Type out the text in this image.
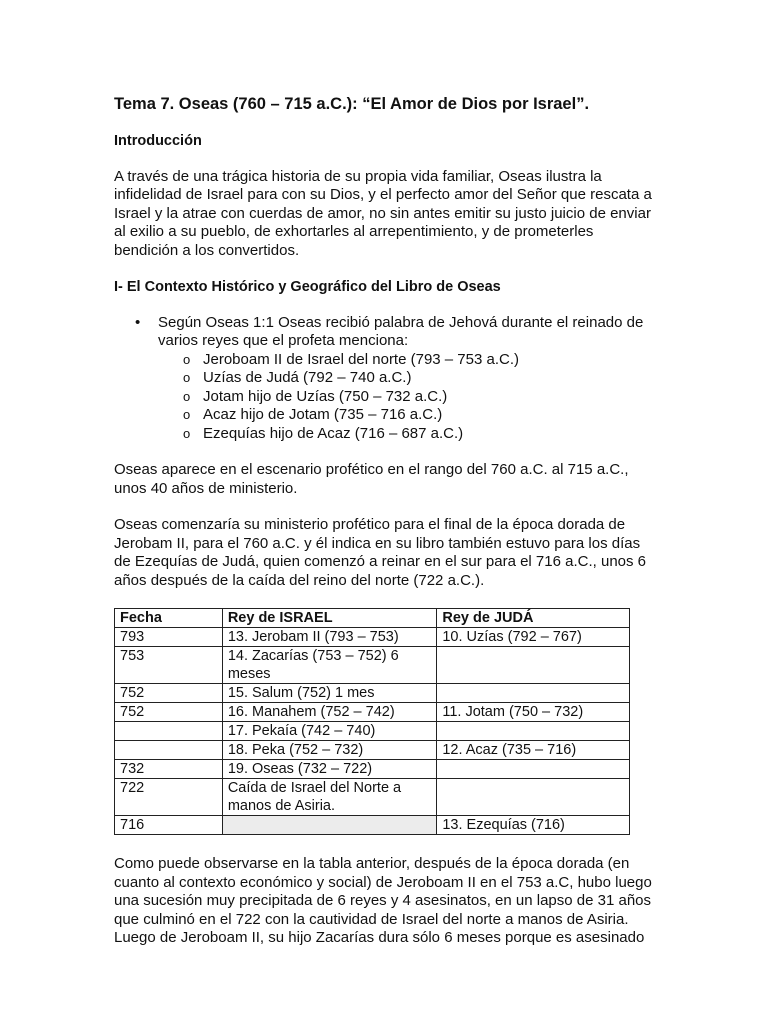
Tema 7. Oseas (760 – 715 a.C.): “El Amor de Dios por Israel”.
Introducción

A través de una trágica historia de su propia vida familiar, Oseas ilustra la infidelidad de Israel para con su Dios, y el perfecto amor del Señor que rescata a Israel y la atrae con cuerdas de amor, no sin antes emitir su justo juicio de enviar al exilio a su pueblo, de exhortarles al arrepentimiento, y de prometerles bendición a los convertidos.

I- El Contexto Histórico y Geográfico del Libro de Oseas
• Según Oseas 1:1 Oseas recibió palabra de Jehová durante el reinado de varios reyes que el profeta menciona:
o Jeroboam II de Israel del norte (793 – 753 a.C.)
o Uzías de Judá (792 – 740 a.C.)
o Jotam hijo de Uzías (750 – 732 a.C.)
o Acaz hijo de Jotam (735 – 716 a.C.)
o Ezequías hijo de Acaz (716 – 687 a.C.)

Oseas aparece en el escenario profético en el rango del 760 a.C. al 715 a.C., unos 40 años de ministerio.

Oseas comenzaría su ministerio profético para el final de la época dorada de Jerobam II, para el 760 a.C. y él indica en su libro también estuvo para los días de Ezequías de Judá, quien comenzó a reinar en el sur para el 716 a.C., unos 6 años después de la caída del reino del norte (722 a.C.).

Fecha	Rey de ISRAEL	Rey de JUDÁ
793	13. Jerobam II (793 – 753)	10. Uzías (792 – 767)
753	14. Zacarías (753 – 752) 6 meses	
752	15. Salum (752) 1 mes	
752	16. Manahem (752 – 742)	11. Jotam (750 – 732)
	17. Pekaía (742 – 740)	
	18. Peka (752 – 732)	12. Acaz (735 – 716)
732	19. Oseas (732 – 722)	
722	Caída de Israel del Norte a manos de Asiria.	
716		13. Ezequías (716)

Como puede observarse en la tabla anterior, después de la época dorada (en cuanto al contexto económico y social) de Jeroboam II en el 753 a.C, hubo luego una sucesión muy precipitada de 6 reyes y 4 asesinatos, en un lapso de 31 años que culminó en el 722 con la cautividad de Israel del norte a manos de Asiria. Luego de Jeroboam II, su hijo Zacarías dura sólo 6 meses porque es asesinado
